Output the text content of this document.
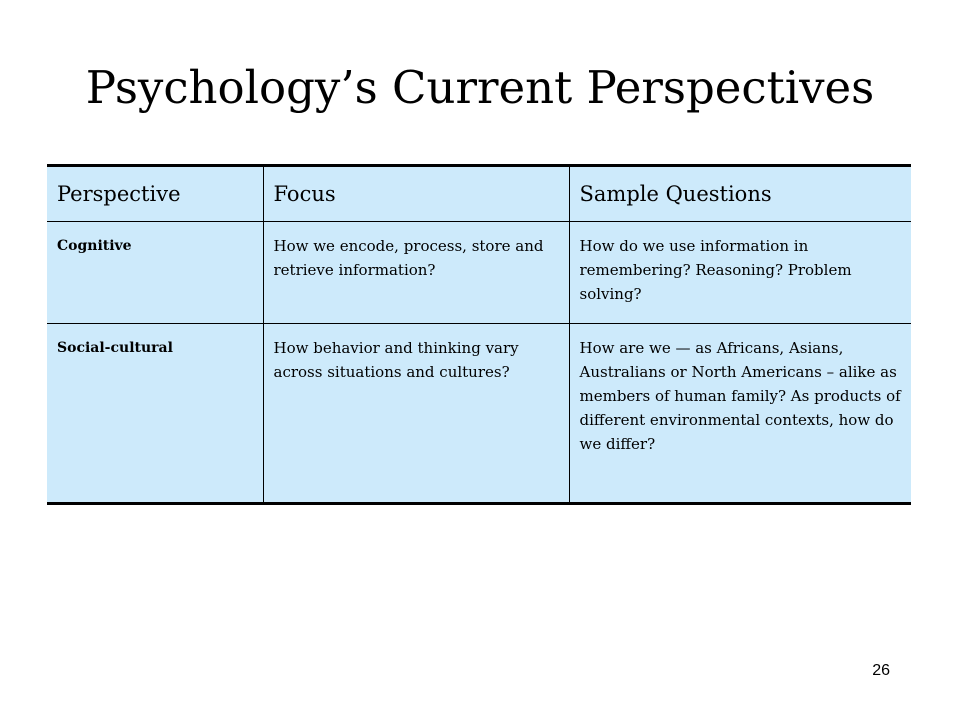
Psychology’s Current Perspectives
Perspective	Focus	Sample Questions
Cognitive	How we encode, process, store and retrieve information?	How do we use information in remembering? Reasoning? Problem solving?
Social-cultural	How behavior and thinking vary across situations and cultures?	How are we — as Africans, Asians, Australians or North Americans – alike as members of human family? As products of different environmental contexts, how do we differ?
26
